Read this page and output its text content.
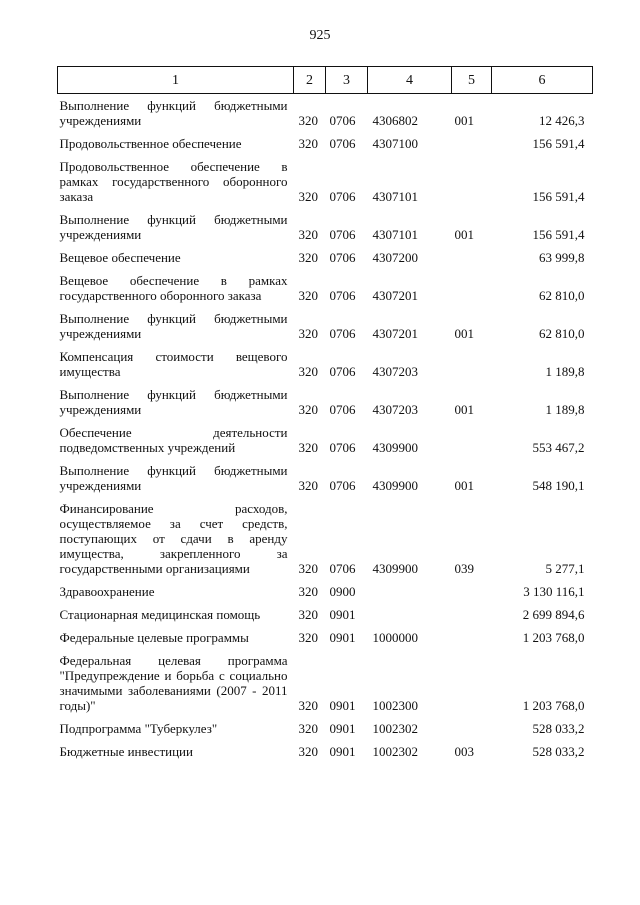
925
1	2	3	4	5	6
Выполнение функций бюджетными учреждениями	320	0706	4306802	001	12 426,3
Продовольственное обеспечение	320	0706	4307100		156 591,4
Продовольственное обеспечение в рамках государственного оборонного заказа	320	0706	4307101		156 591,4
Выполнение функций бюджетными учреждениями	320	0706	4307101	001	156 591,4
Вещевое обеспечение	320	0706	4307200		63 999,8
Вещевое обеспечение в рамках государственного оборонного заказа	320	0706	4307201		62 810,0
Выполнение функций бюджетными учреждениями	320	0706	4307201	001	62 810,0
Компенсация стоимости вещевого имущества	320	0706	4307203		1 189,8
Выполнение функций бюджетными учреждениями	320	0706	4307203	001	1 189,8
Обеспечение деятельности подведомственных учреждений	320	0706	4309900		553 467,2
Выполнение функций бюджетными учреждениями	320	0706	4309900	001	548 190,1
Финансирование расходов, осуществляемое за счет средств, поступающих от сдачи в аренду имущества, закрепленного за государственными организациями	320	0706	4309900	039	5 277,1
Здравоохранение	320	0900			3 130 116,1
Стационарная медицинская помощь	320	0901			2 699 894,6
Федеральные целевые программы	320	0901	1000000		1 203 768,0
Федеральная целевая программа "Предупреждение и борьба с социально значимыми заболеваниями (2007 - 2011 годы)"	320	0901	1002300		1 203 768,0
Подпрограмма "Туберкулез"	320	0901	1002302		528 033,2
Бюджетные инвестиции	320	0901	1002302	003	528 033,2
